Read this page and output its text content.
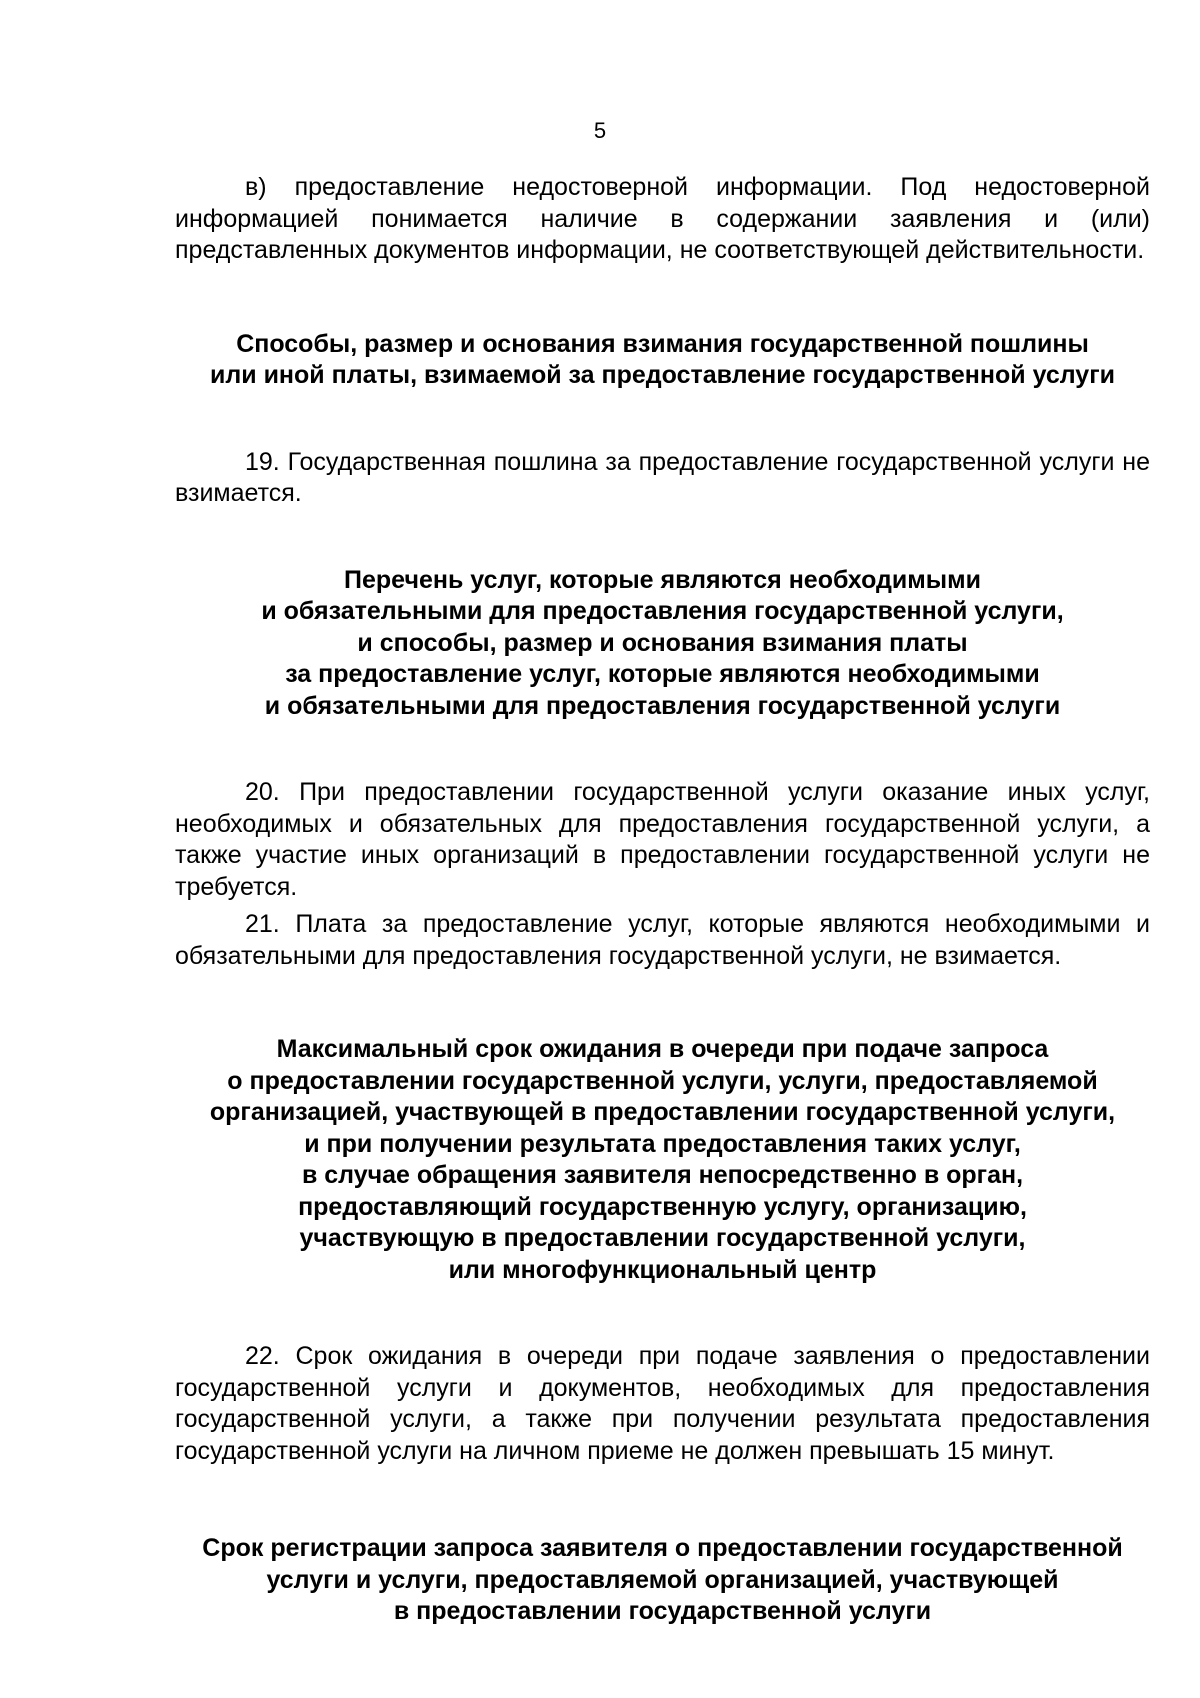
5

в) предоставление недостоверной информации. Под недостоверной информацией понимается наличие в содержании заявления и (или) представленных документов информации, не соответствующей действительности.

Способы, размер и основания взимания государственной пошлины
или иной платы, взимаемой за предоставление государственной услуги

19. Государственная пошлина за предоставление государственной услуги не взимается.

Перечень услуг, которые являются необходимыми
и обязательными для предоставления государственной услуги,
и способы, размер и основания взимания платы
за предоставление услуг, которые являются необходимыми
и обязательными для предоставления государственной услуги

20. При предоставлении государственной услуги оказание иных услуг, необходимых и обязательных для предоставления государственной услуги, а также участие иных организаций в предоставлении государственной услуги не требуется.

21. Плата за предоставление услуг, которые являются необходимыми и обязательными для предоставления государственной услуги, не взимается.

Максимальный срок ожидания в очереди при подаче запроса
о предоставлении государственной услуги, услуги, предоставляемой
организацией, участвующей в предоставлении государственной услуги,
и при получении результата предоставления таких услуг,
в случае обращения заявителя непосредственно в орган,
предоставляющий государственную услугу, организацию,
участвующую в предоставлении государственной услуги,
или многофункциональный центр

22. Срок ожидания в очереди при подаче заявления о предоставлении государственной услуги и документов, необходимых для предоставления государственной услуги, а также при получении результата предоставления государственной услуги на личном приеме не должен превышать 15 минут.

Срок регистрации запроса заявителя о предоставлении государственной
услуги и услуги, предоставляемой организацией, участвующей
в предоставлении государственной услуги
